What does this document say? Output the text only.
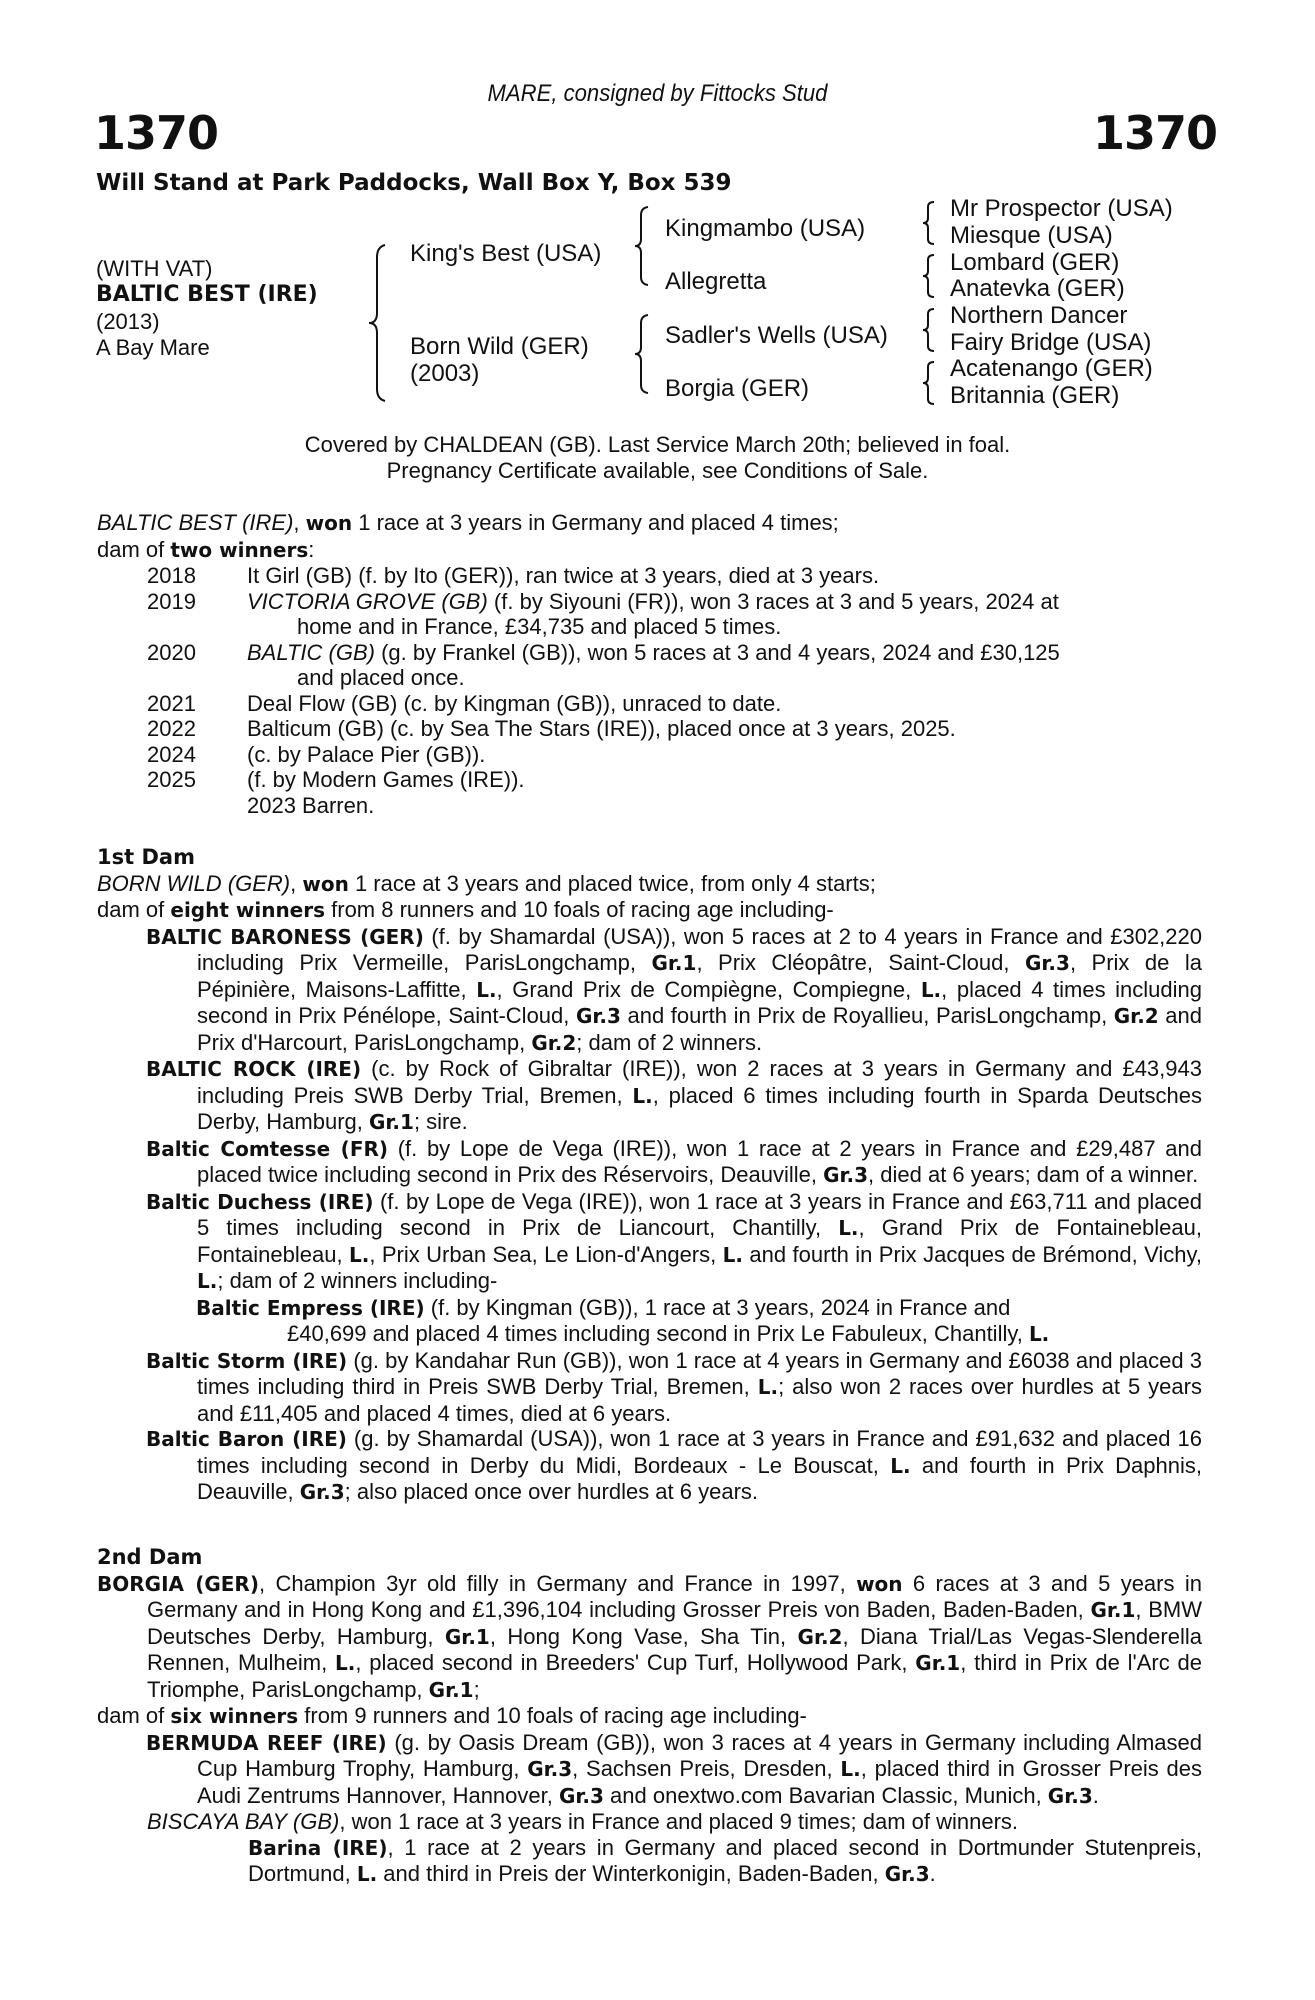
MARE, consigned by Fittocks Stud
1370	1370
Will Stand at Park Paddocks, Wall Box Y, Box 539
(WITH VAT)
BALTIC BEST (IRE)
(2013)
A Bay Mare
King's Best (USA)
Born Wild (GER)
(2003)
Kingmambo (USA)
Allegretta
Sadler's Wells (USA)
Borgia (GER)
Mr Prospector (USA)
Miesque (USA)
Lombard (GER)
Anatevka (GER)
Northern Dancer
Fairy Bridge (USA)
Acatenango (GER)
Britannia (GER)
Covered by CHALDEAN (GB). Last Service March 20th; believed in foal.
Pregnancy Certificate available, see Conditions of Sale.

BALTIC BEST (IRE), won 1 race at 3 years in Germany and placed 4 times;

dam of two winners:

2018	It Girl (GB) (f. by Ito (GER)), ran twice at 3 years, died at 3 years.
2019	VICTORIA GROVE (GB) (f. by Siyouni (FR)), won 3 races at 3 and 5 years, 2024 at
home and in France, £34,735 and placed 5 times.
2020	BALTIC (GB) (g. by Frankel (GB)), won 5 races at 3 and 4 years, 2024 and £30,125
and placed once.
2021	Deal Flow (GB) (c. by Kingman (GB)), unraced to date.
2022	Balticum (GB) (c. by Sea The Stars (IRE)), placed once at 3 years, 2025.
2024	(c. by Palace Pier (GB)).
2025	(f. by Modern Games (IRE)).
2023 Barren.

1st Dam

BORN WILD (GER), won 1 race at 3 years and placed twice, from only 4 starts;

dam of eight winners from 8 runners and 10 foals of racing age including-

BALTIC BARONESS (GER) (f. by Shamardal (USA)), won 5 races at 2 to 4 years in France and £302,220 including Prix Vermeille, ParisLongchamp, Gr.1, Prix Cléopâtre, Saint-Cloud, Gr.3, Prix de la Pépinière, Maisons-Laffitte, L., Grand Prix de Compiègne, Compiegne, L., placed 4 times including second in Prix Pénélope, Saint-Cloud, Gr.3 and fourth in Prix de Royallieu, ParisLongchamp, Gr.2 and Prix d'Harcourt, ParisLongchamp, Gr.2; dam of 2 winners.

BALTIC ROCK (IRE) (c. by Rock of Gibraltar (IRE)), won 2 races at 3 years in Germany and £43,943 including Preis SWB Derby Trial, Bremen, L., placed 6 times including fourth in Sparda Deutsches Derby, Hamburg, Gr.1; sire.

Baltic Comtesse (FR) (f. by Lope de Vega (IRE)), won 1 race at 2 years in France and £29,487 and placed twice including second in Prix des Réservoirs, Deauville, Gr.3, died at 6 years; dam of a winner.

Baltic Duchess (IRE) (f. by Lope de Vega (IRE)), won 1 race at 3 years in France and £63,711 and placed 5 times including second in Prix de Liancourt, Chantilly, L., Grand Prix de Fontainebleau, Fontainebleau, L., Prix Urban Sea, Le Lion-d'Angers, L. and fourth in Prix Jacques de Brémond, Vichy, L.; dam of 2 winners including-

Baltic Empress (IRE) (f. by Kingman (GB)), 1 race at 3 years, 2024 in France and

£40,699 and placed 4 times including second in Prix Le Fabuleux, Chantilly, L.

Baltic Storm (IRE) (g. by Kandahar Run (GB)), won 1 race at 4 years in Germany and £6038 and placed 3 times including third in Preis SWB Derby Trial, Bremen, L.; also won 2 races over hurdles at 5 years and £11,405 and placed 4 times, died at 6 years.

Baltic Baron (IRE) (g. by Shamardal (USA)), won 1 race at 3 years in France and £91,632 and placed 16 times including second in Derby du Midi, Bordeaux - Le Bouscat, L. and fourth in Prix Daphnis, Deauville, Gr.3; also placed once over hurdles at 6 years.

2nd Dam

BORGIA (GER), Champion 3yr old filly in Germany and France in 1997, won 6 races at 3 and 5 years in Germany and in Hong Kong and £1,396,104 including Grosser Preis von Baden, Baden-Baden, Gr.1, BMW Deutsches Derby, Hamburg, Gr.1, Hong Kong Vase, Sha Tin, Gr.2, Diana Trial/Las Vegas-Slenderella Rennen, Mulheim, L., placed second in Breeders' Cup Turf, Hollywood Park, Gr.1, third in Prix de l'Arc de Triomphe, ParisLongchamp, Gr.1;

dam of six winners from 9 runners and 10 foals of racing age including-

BERMUDA REEF (IRE) (g. by Oasis Dream (GB)), won 3 races at 4 years in Germany including Almased Cup Hamburg Trophy, Hamburg, Gr.3, Sachsen Preis, Dresden, L., placed third in Grosser Preis des Audi Zentrums Hannover, Hannover, Gr.3 and onextwo.com Bavarian Classic, Munich, Gr.3.

BISCAYA BAY (GB), won 1 race at 3 years in France and placed 9 times; dam of winners.

Barina (IRE), 1 race at 2 years in Germany and placed second in Dortmunder Stutenpreis, Dortmund, L. and third in Preis der Winterkonigin, Baden-Baden, Gr.3.
